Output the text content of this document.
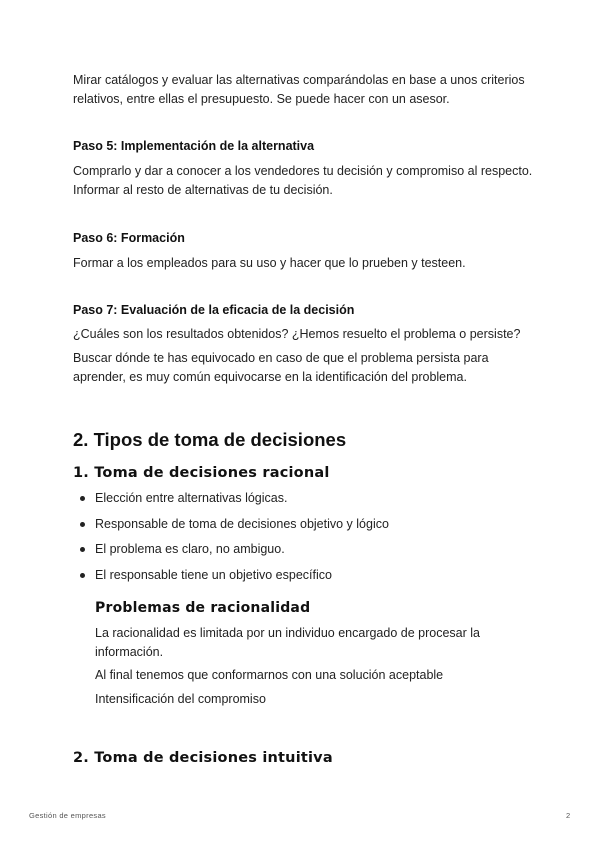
Mirar catálogos y evaluar las alternativas comparándolas en base a unos criterios

relativos, entre ellas el presupuesto. Se puede hacer con un asesor.

Paso 5: Implementación de la alternativa

Comprarlo y dar a conocer a los vendedores tu decisión y compromiso al respecto.

Informar al resto de alternativas de tu decisión.

Paso 6: Formación

Formar a los empleados para su uso y hacer que lo prueben y testeen.

Paso 7: Evaluación de la eficacia de la decisión

¿Cuáles son los resultados obtenidos? ¿Hemos resuelto el problema o persiste?

Buscar dónde te has equivocado en caso de que el problema persista para

aprender, es muy común equivocarse en la identificación del problema.

2. Tipos de toma de decisiones
1. Toma de decisiones racional
Elección entre alternativas lógicas.
Responsable de toma de decisiones objetivo y lógico
El problema es claro, no ambiguo.
El responsable tiene un objetivo específico
Problemas de racionalidad

La racionalidad es limitada por un individuo encargado de procesar la

información.

Al final tenemos que conformarnos con una solución aceptable

Intensificación del compromiso

2. Toma de decisiones intuitiva
Gestión de empresas	2
